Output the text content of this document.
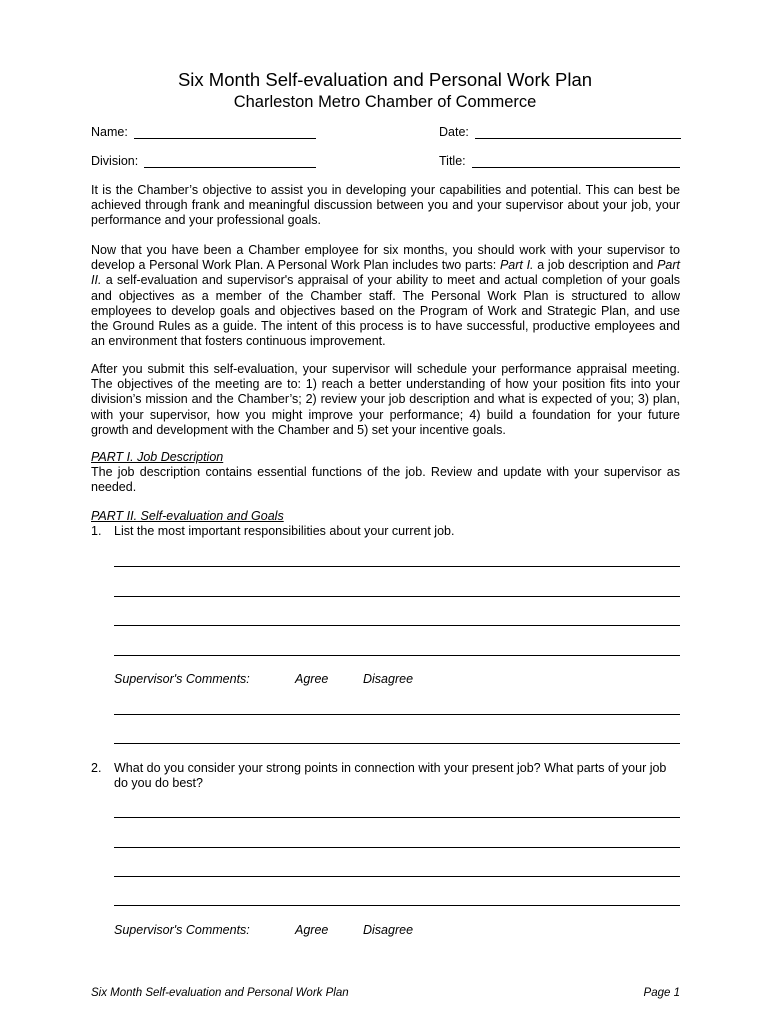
Six Month Self-evaluation and Personal Work Plan
Charleston Metro Chamber of Commerce
Name:	Date:
Division:	Title:

It is the Chamber’s objective to assist you in developing your capabilities and potential. This can best be achieved through frank and meaningful discussion between you and your supervisor about your job, your performance and your professional goals.

Now that you have been a Chamber employee for six months, you should work with your supervisor to develop a Personal Work Plan. A Personal Work Plan includes two parts: Part I. a job description and Part II. a self-evaluation and supervisor's appraisal of your ability to meet and actual completion of your goals and objectives as a member of the Chamber staff. The Personal Work Plan is structured to allow employees to develop goals and objectives based on the Program of Work and Strategic Plan, and use the Ground Rules as a guide. The intent of this process is to have successful, productive employees and an environment that fosters continuous improvement.

After you submit this self-evaluation, your supervisor will schedule your performance appraisal meeting. The objectives of the meeting are to: 1) reach a better understanding of how your position fits into your division’s mission and the Chamber’s; 2) review your job description and what is expected of you; 3) plan, with your supervisor, how you might improve your performance; 4) build a foundation for your future growth and development with the Chamber and 5) set your incentive goals.

PART I. Job Description

The job description contains essential functions of the job. Review and update with your supervisor as needed.

PART II. Self-evaluation and Goals
1. List the most important responsibilities about your current job.
Supervisor's Comments:	Agree	Disagree
2. What do you consider your strong points in connection with your present job? What parts of your job do you do best?
Supervisor's Comments:	Agree	Disagree
Six Month Self-evaluation and Personal Work Plan	Page 1
